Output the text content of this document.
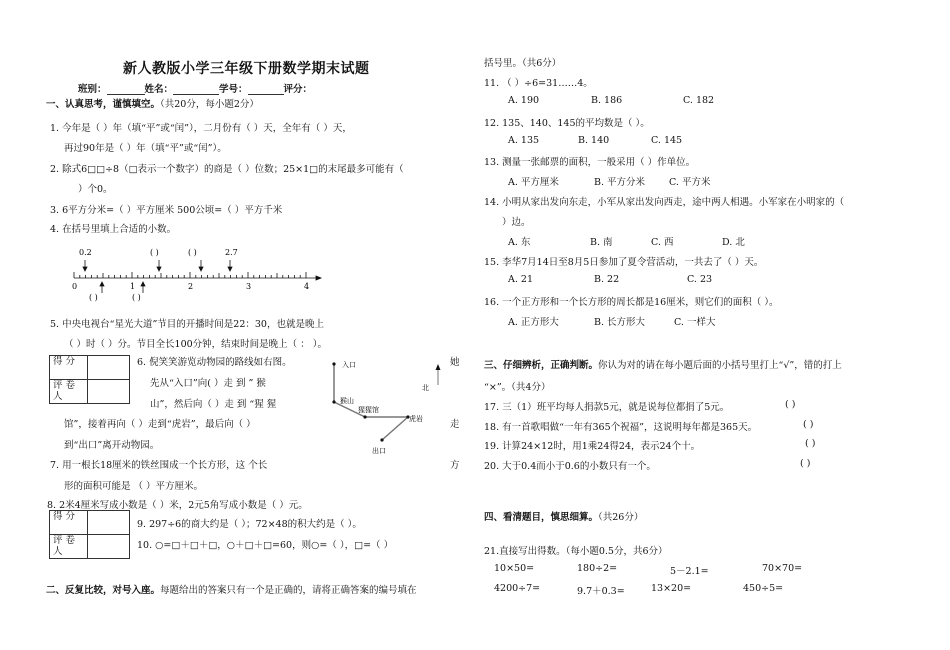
新人教版小学三年级下册数学期末试题
班别：	姓名：	学号：	评分：
一、认真思考，谨慎填空。（共20分，每小题2分）
1. 今年是（ ）年（填“平”或“闰”），二月份有（ ）天，全年有（ ）天，
再过90年是（ ）年（填“平”或“闰”）。
2. 除式6□□÷8（□表示一个数字）的商是（ ）位数；25×1□的末尾最多可能有（
）个0。
3. 6平方分米=（ ）平方厘米 500公顷=（ ）平方千米
4. 在括号里填上合适的小数。
0.2	( )	( )	2.7
0	1	2	3	4
( )	( )
5. 中央电视台“星光大道”节目的开播时间是22：30，也就是晚上
（ ）时（ ）分。节目全长100分钟，结束时间是晚上（ ： ）。
得 分	
评 卷 人	
6. 倪笑笑游览动物园的路线如右图。
先从“入口”向( ）走 到 ” 猴
山”，然后向（ ）走 到 “猩 猩
馆”，接着再向（ ）走到“虎岩”，最后向（ ）
到“出口”离开动物园。
她
走
入口
猴山
猩猩馆
虎岩
出口
北
7. 用一根长18厘米的铁丝围成一个长方形，这 个长	方
形的面积可能是 （ ）平方厘米。
8. 2米4厘米写成小数是（ ）米，2元5角写成小数是（ ）元。
得 分	
评 卷 人	
9. 297÷6的商大约是（ ）；72×48的积大约是（ ）。
10. ○=□＋□＋□，○＋□＋□=60，则○=（ ），□=（ ）
二、反复比较，对号入座。每题给出的答案只有一个是正确的，请将正确答案的编号填在
括号里。（共6分）
11. （ ）÷6=31……4。
A. 190	B. 186	C. 182
12. 135、140、145的平均数是（ ）。
A. 135	B. 140	C. 145
13. 测量一张邮票的面积，一般采用（ ）作单位。
A. 平方厘米	B. 平方分米	C. 平方米
14. 小明从家出发向东走，小军从家出发向西走，途中两人相遇。小军家在小明家的（
）边。
A. 东	B. 南	C. 西	D. 北
15. 李华7月14日至8月5日参加了夏令营活动，一共去了（ ）天。
A. 21	B. 22	C. 23
16. 一个正方形和一个长方形的周长都是16厘米，则它们的面积（ ）。
A. 正方形大	B. 长方形大	C. 一样大
三、仔细辨析，正确判断。你认为对的请在每小题后面的小括号里打上“√”，错的打上
“×”。（共4分）
17. 三（1）班平均每人捐款5元，就是说每位都捐了5元。	( )
18. 有一首歌唱做“一年有365个祝福”，这说明每年都是365天。	( )
19. 计算24×12时，用1乘24得24，表示24个十。	( )
20. 大于0.4而小于0.6的小数只有一个。	( )
四、看清题目，慎思细算。（共26分）
21.直接写出得数。（每小题0.5分，共6分）
10×50=	180÷2=	5－2.1=	70×70=
4200÷7=	9.7＋0.3=	13×20=	450÷5=
